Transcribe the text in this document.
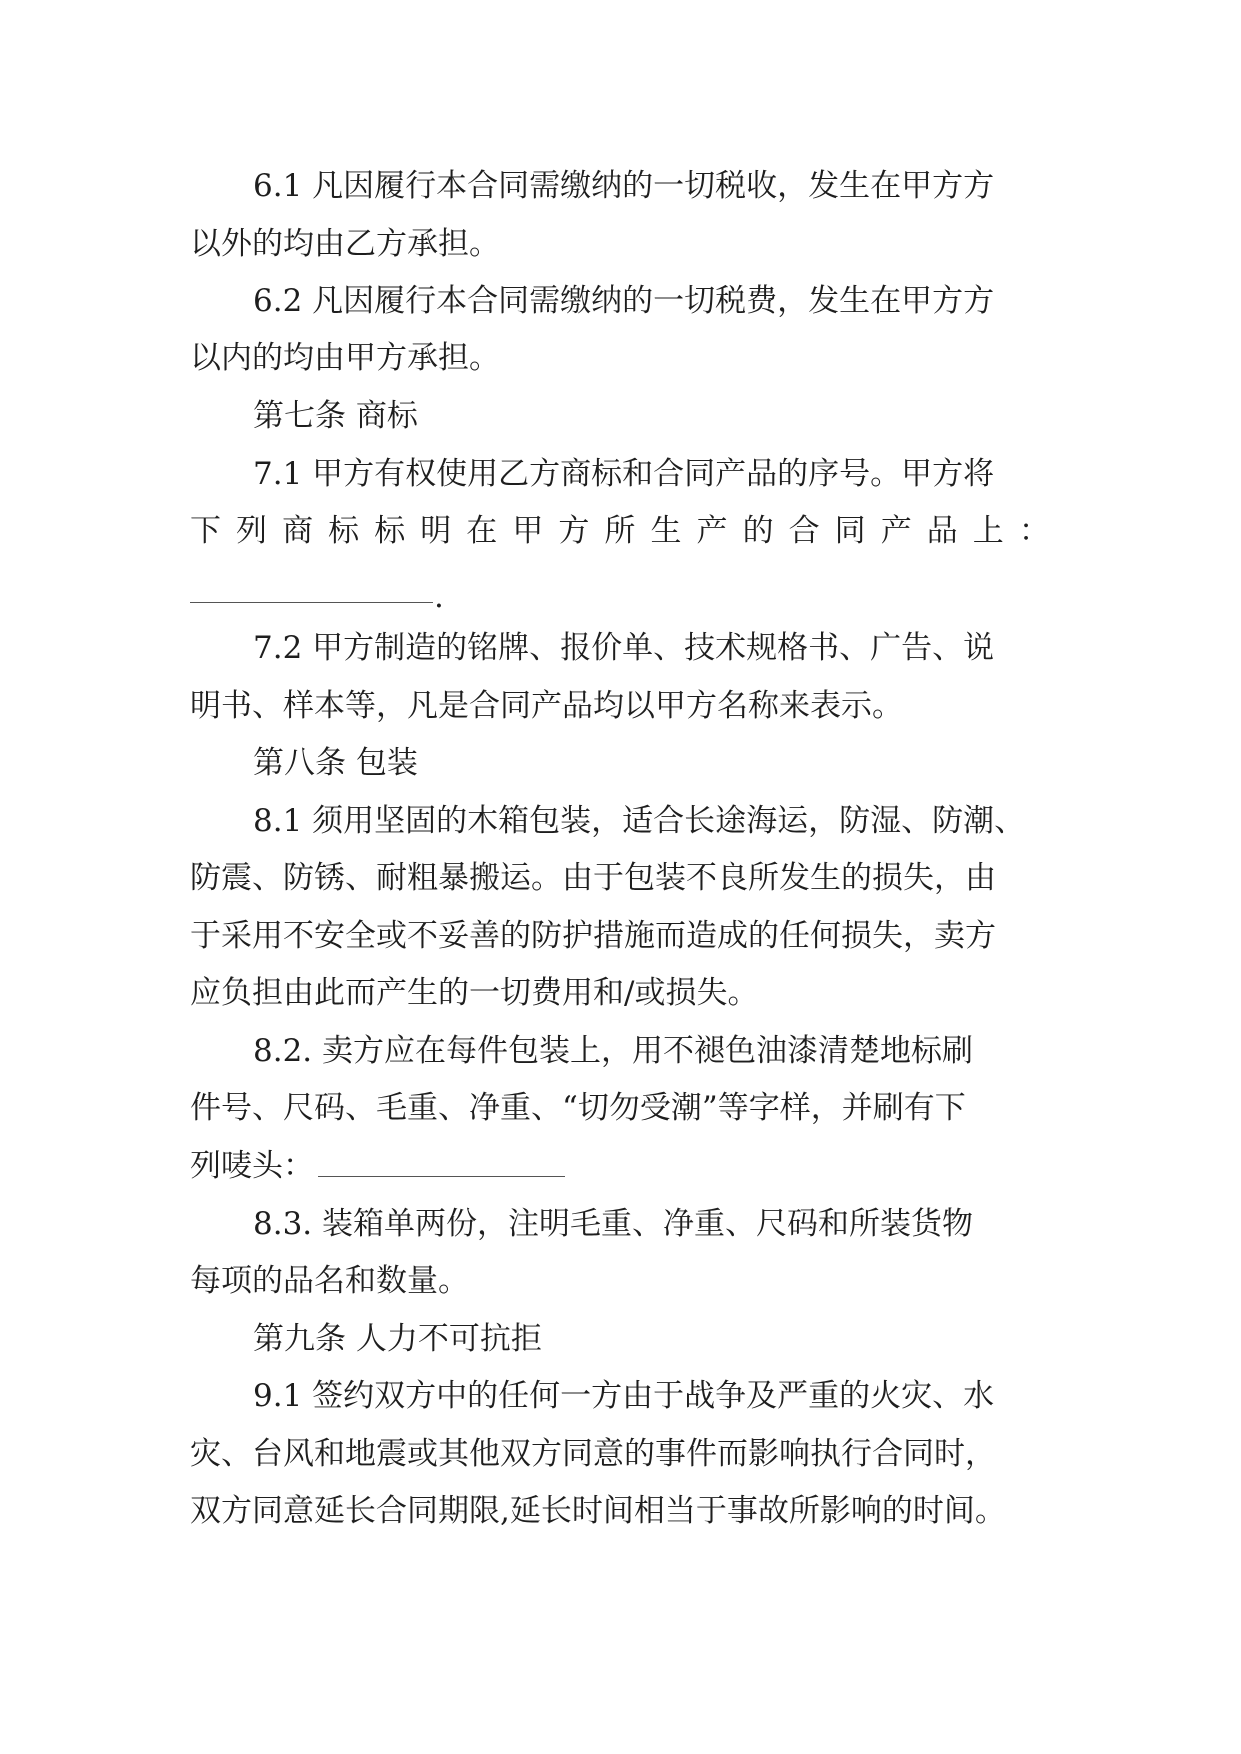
6.1 凡因履行本合同需缴纳的一切税收，发生在甲方方

以外的均由乙方承担。

6.2 凡因履行本合同需缴纳的一切税费，发生在甲方方

以内的均由甲方承担。

第七条 商标

7.1 甲方有权使用乙方商标和合同产品的序号。甲方将

下 列 商 标 标 明 在 甲 方 所 生 产 的 合 同 产 品 上 ：
.

7.2 甲方制造的铭牌、报价单、技术规格书、广告、说

明书、样本等，凡是合同产品均以甲方名称来表示。

第八条 包装

8.1 须用坚固的木箱包装，适合长途海运，防湿、防潮、

防震、防锈、耐粗暴搬运。由于包装不良所发生的损失，由

于采用不安全或不妥善的防护措施而造成的任何损失，卖方

应负担由此而产生的一切费用和/或损失。

8.2. 卖方应在每件包装上，用不褪色油漆清楚地标刷

件号、尺码、毛重、净重、“切勿受潮”等字样，并刷有下

列唛头：

8.3. 装箱单两份，注明毛重、净重、尺码和所装货物

每项的品名和数量。

第九条 人力不可抗拒

9.1 签约双方中的任何一方由于战争及严重的火灾、水

灾、台风和地震或其他双方同意的事件而影响执行合同时，

双方同意延长合同期限,延长时间相当于事故所影响的时间。
